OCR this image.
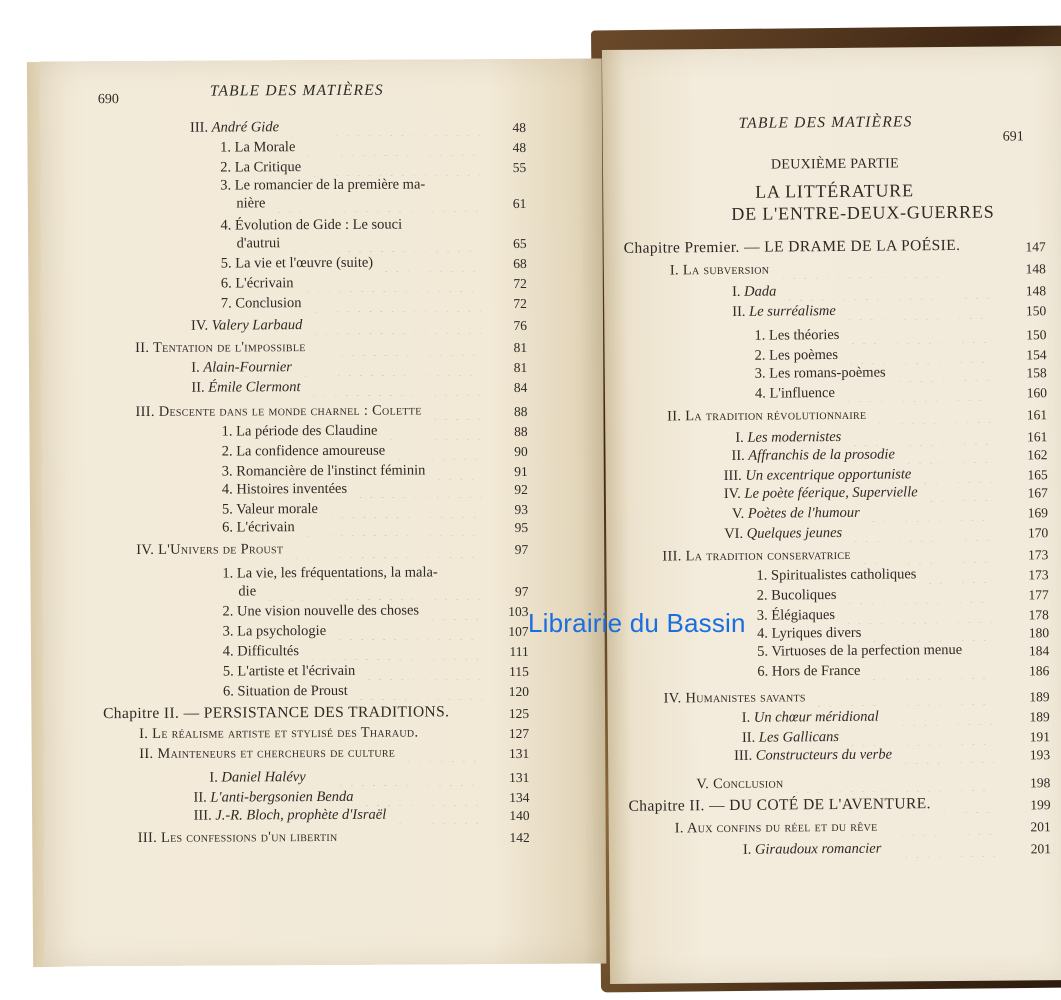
690
TABLE DES MATIÈRES
III. André Gide	48
1. La Morale	48
2. La Critique	55
3. Le romancier de la première ma-
nière	61
4. Évolution de Gide : Le souci
d'autrui	65
5. La vie et l'œuvre (suite)	68
6. L'écrivain	72
7. Conclusion	72
IV. Valery Larbaud	76
II. Tentation de l'impossible	81
I. Alain-Fournier	81
II. Émile Clermont	84
III. Descente dans le monde charnel : Colette	88
1. La période des Claudine	88
2. La confidence amoureuse	90
3. Romancière de l'instinct féminin	91
4. Histoires inventées	92
5. Valeur morale	93
6. L'écrivain	95
IV. L'Univers de Proust	97
1. La vie, les fréquentations, la mala-
die	97
2. Une vision nouvelle des choses	103
3. La psychologie	107
4. Difficultés	111
5. L'artiste et l'écrivain	115
6. Situation de Proust	120
Chapitre II. — PERSISTANCE DES TRADITIONS.	125
I. Le réalisme artiste et stylisé des Tharaud.	127
II. Mainteneurs et chercheurs de culture	131
I. Daniel Halévy	131
II. L'anti-bergsonien Benda	134
III. J.-R. Bloch, prophète d'Israël	140
III. Les confessions d'un libertin	142
TABLE DES MATIÈRES
691
DEUXIÈME PARTIE
LA LITTÉRATURE
DE L'ENTRE-DEUX-GUERRES
Chapitre Premier. — LE DRAME DE LA POÉSIE.	147
I. La subversion	148
I. Dada	148
II. Le surréalisme	150
1. Les théories	150
2. Les poèmes	154
3. Les romans-poèmes	158
4. L'influence	160
II. La tradition révolutionnaire	161
I. Les modernistes	161
II. Affranchis de la prosodie	162
III. Un excentrique opportuniste	165
IV. Le poète féerique, Supervielle	167
V. Poètes de l'humour	169
VI. Quelques jeunes	170
III. La tradition conservatrice	173
1. Spiritualistes catholiques	173
2. Bucoliques	177
3. Élégiaques	178
4. Lyriques divers	180
5. Virtuoses de la perfection menue	184
6. Hors de France	186
IV. Humanistes savants	189
I. Un chœur méridional	189
II. Les Gallicans	191
III. Constructeurs du verbe	193
V. Conclusion	198
Chapitre II. — DU COTÉ DE L'AVENTURE.	199
I. Aux confins du réel et du rêve	201
I. Giraudoux romancier	201
Librairie du Bassin
